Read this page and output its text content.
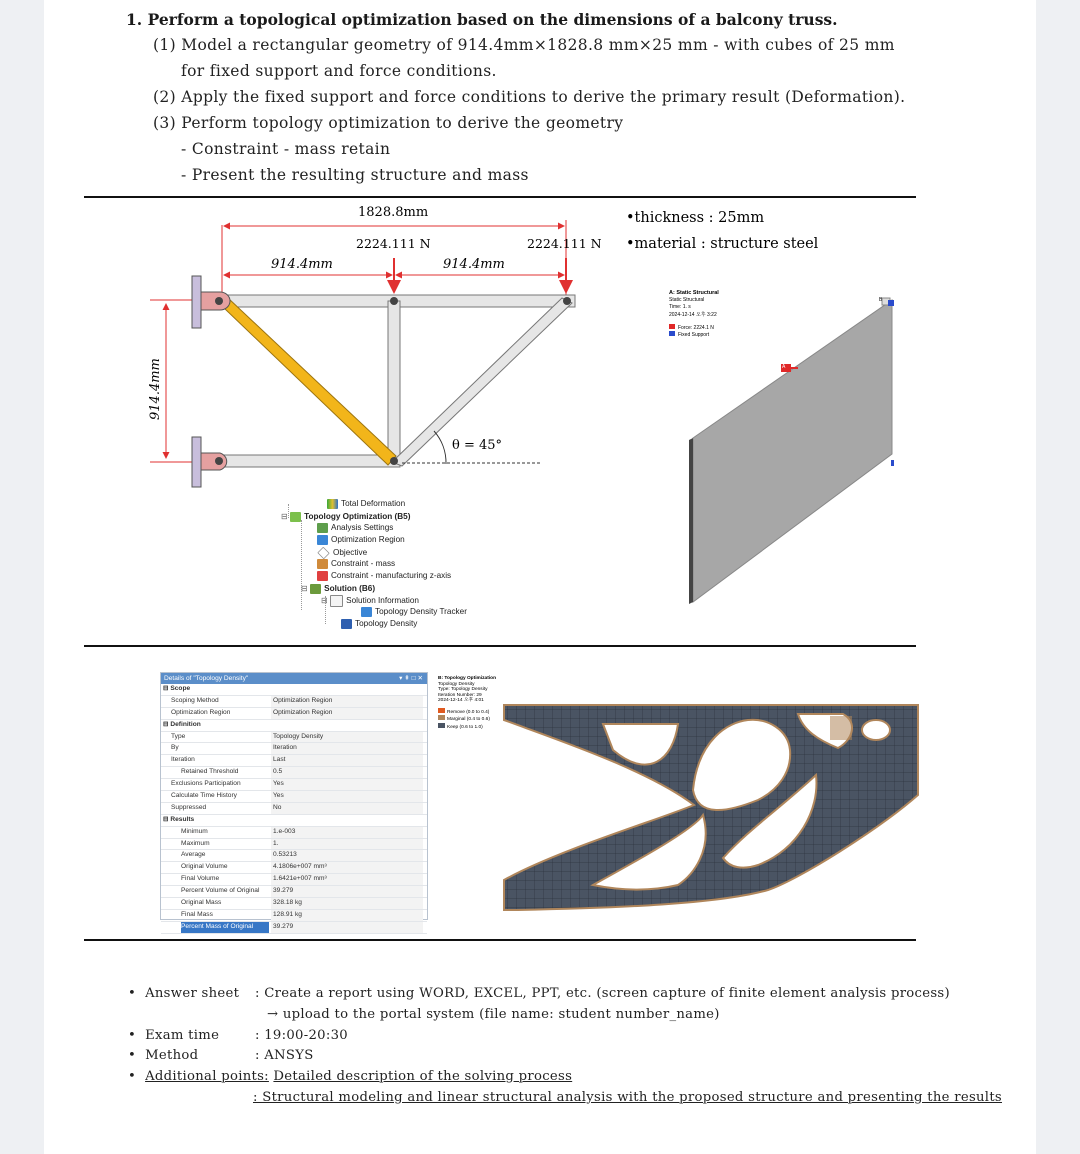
1. Perform a topological optimization based on the dimensions of a balcony truss.
(1) Model a rectangular geometry of 914.4mm×1828.8 mm×25 mm - with cubes of 25 mm
for fixed support and force conditions.
(2) Apply the fixed support and force conditions to derive the primary result (Deformation).
(3) Perform topology optimization to derive the geometry
- Constraint - mass retain
- Present the resulting structure and mass
1828.8mm
2224.111 N	2224.111 N
914.4mm	914.4mm
914.4mm
θ = 45°
•thickness : 25mm
•material : structure steel
A: Static Structural
Static Structural
Time: 1. s
2024-12-14 오후 3:22
Force: 2224.1 N
Fixed Support
A
B
Total Deformation
⊟ Topology Optimization (B5)
Analysis Settings
Optimization Region
Objective
Constraint - mass
Constraint - manufacturing z-axis
⊟ Solution (B6)
⊟ Solution Information
Topology Density Tracker
Topology Density
Details of "Topology Density"	▾ ⇞ □ ✕
⊟ Scope
Scoping Method	Optimization Region
Optimization Region	Optimization Region
⊟ Definition
Type	Topology Density
By	Iteration
Iteration	Last
Retained Threshold	0.5
Exclusions Participation	Yes
Calculate Time History	Yes
Suppressed	No
⊟ Results
Minimum	1.e-003
Maximum	1.
Average	0.53213
Original Volume	4.1806e+007 mm³
Final Volume	1.6421e+007 mm³
Percent Volume of Original	39.279
Original Mass	328.18 kg
Final Mass	128.91 kg
Percent Mass of Original	39.279
B: Topology Optimization
Topology Density
Type: Topology Density
Iteration Number: 29
2024-12-14 오후 4:01
Remove (0.0 to 0.4)
Marginal (0.4 to 0.6)
Keep (0.6 to 1.0)
•  Answer sheet : Create a report using WORD, EXCEL, PPT, etc. (screen capture of finite element analysis process)
→ upload to the portal system (file name: student number_name)
•  Exam time	: 19:00-20:30
•  Method	: ANSYS
•  Additional points: Detailed description of the solving process
: Structural modeling and linear structural analysis with the proposed structure and presenting the results
